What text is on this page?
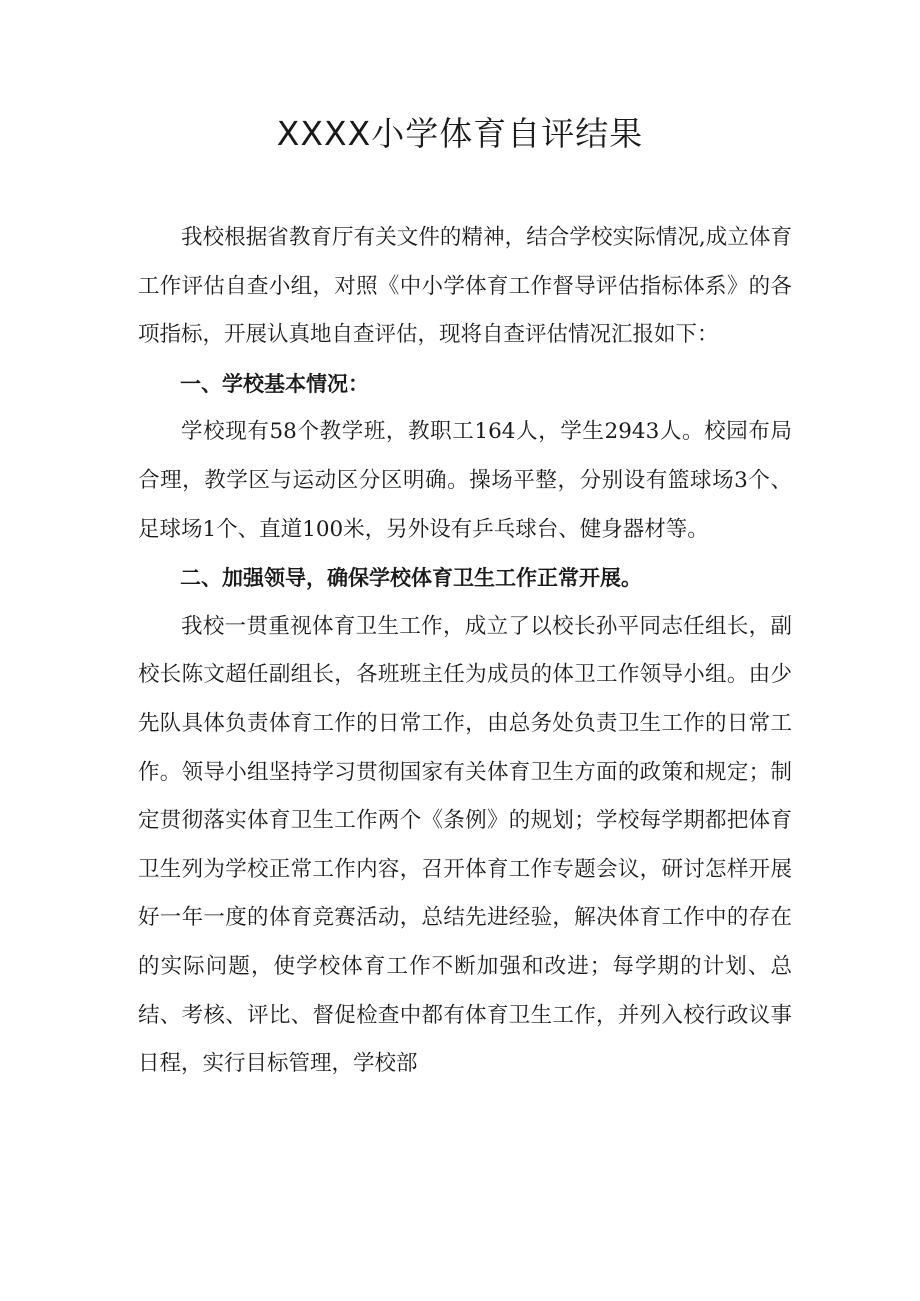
XXXX小学体育自评结果

我校根据省教育厅有关文件的精神，结合学校实际情况,成立体育工作评估自查小组，对照《中小学体育工作督导评估指标体系》的各项指标，开展认真地自查评估，现将自查评估情况汇报如下：

一、学校基本情况：

学校现有58个教学班，教职工164人，学生2943人。校园布局合理，教学区与运动区分区明确。操场平整，分别设有篮球场3个、足球场1个、直道100米，另外设有乒乓球台、健身器材等。

二、加强领导，确保学校体育卫生工作正常开展。

我校一贯重视体育卫生工作，成立了以校长孙平同志任组长，副校长陈文超任副组长，各班班主任为成员的体卫工作领导小组。由少先队具体负责体育工作的日常工作，由总务处负责卫生工作的日常工作。领导小组坚持学习贯彻国家有关体育卫生方面的政策和规定；制定贯彻落实体育卫生工作两个《条例》的规划；学校每学期都把体育卫生列为学校正常工作内容，召开体育工作专题会议，研讨怎样开展好一年一度的体育竞赛活动，总结先进经验，解决体育工作中的存在的实际问题，使学校体育工作不断加强和改进；每学期的计划、总结、考核、评比、督促检查中都有体育卫生工作，并列入校行政议事日程，实行目标管理，学校部
